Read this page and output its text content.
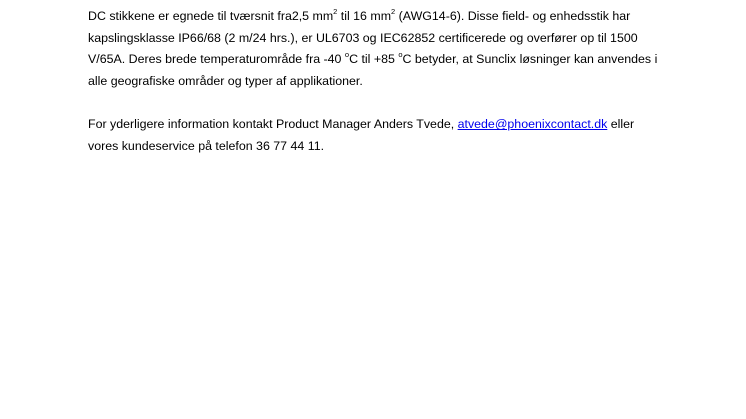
DC stikkene er egnede til tværsnit fra2,5 $mm^2$ til 16 $mm^2$ (AWG14-6). Disse field- og enhedsstik har kapslingsklasse IP66/68 (2 m/24 hrs.), er UL6703 og IEC62852 certificerede og overfører op til 1500 V/65A. Deres brede temperaturområde fra -40 $^o$C til +85 $^o$C betyder, at Sunclix løsninger kan anvendes i alle geografiske områder og typer af applikationer.

For yderligere information kontakt Product Manager Anders Tvede, atvede@phoenixcontact.dk eller vores kundeservice på telefon 36 77 44 11.
